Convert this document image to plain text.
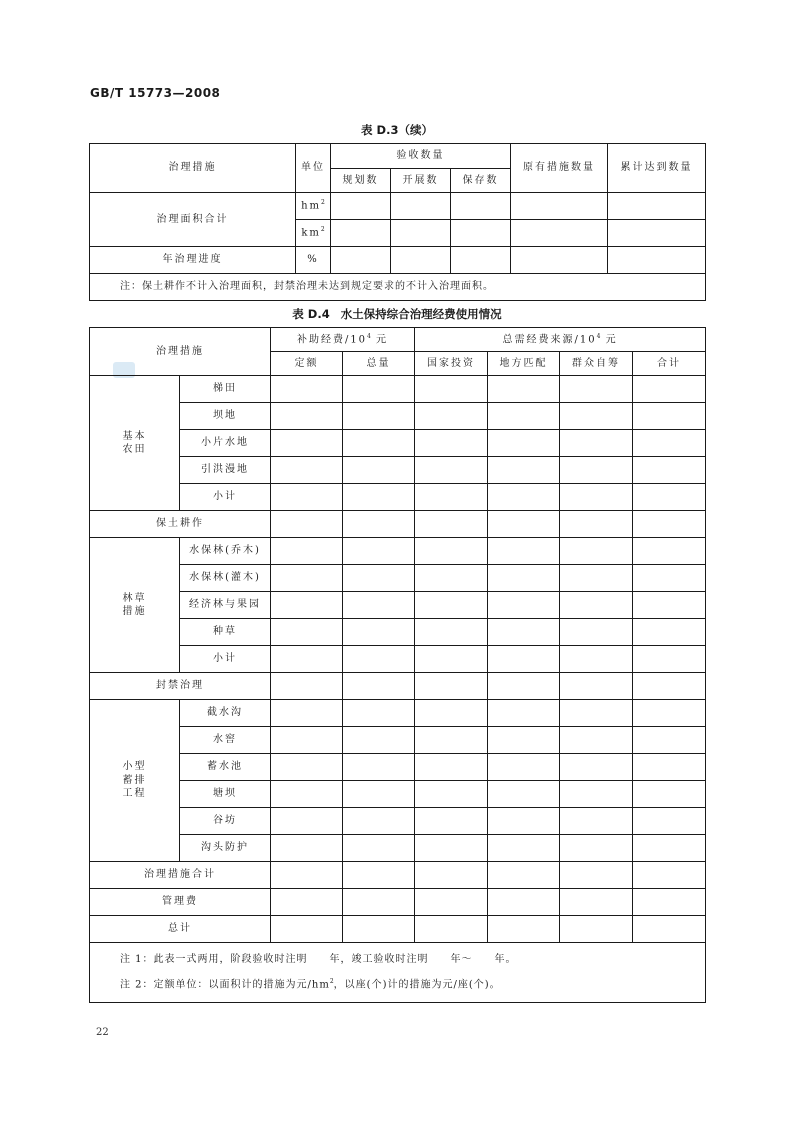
GB/T 15773—2008
表 D.3（续）
治理措施	单位	验收数量			原有措施数量	累计达到数量
		规划数	开展数	保存数		
治理面积合计	$hm^2$					
	$km^2$					
年治理进度	%					
注：保土耕作不计入治理面积，封禁治理未达到规定要求的不计入治理面积。						
表 D.4 水土保持综合治理经费使用情况
治理措施		补助经费$/10^4$ 元		总需经费来源$/10^4$ 元			
		定额	总量	国家投资	地方匹配	群众自筹	合计
基本
农田	梯田						
	坝地						
	小片水地						
	引洪漫地						
	小计						
保土耕作							
林草
措施	水保林(乔木)						
	水保林(灌木)						
	经济林与果园						
	种草						
	小计						
封禁治理							
小型
蓄排
工程	截水沟						
	水窖						
	蓄水池						
	塘坝						
	谷坊						
	沟头防护						
治理措施合计							
管理费							
总计							

注 1：此表一式两用，阶段验收时注明　　年，竣工验收时注明　　年～　　年。
注 2：定额单位：以面积计的措施为元$/hm^2$，以座(个)计的措施为元/座(个)。							
22
